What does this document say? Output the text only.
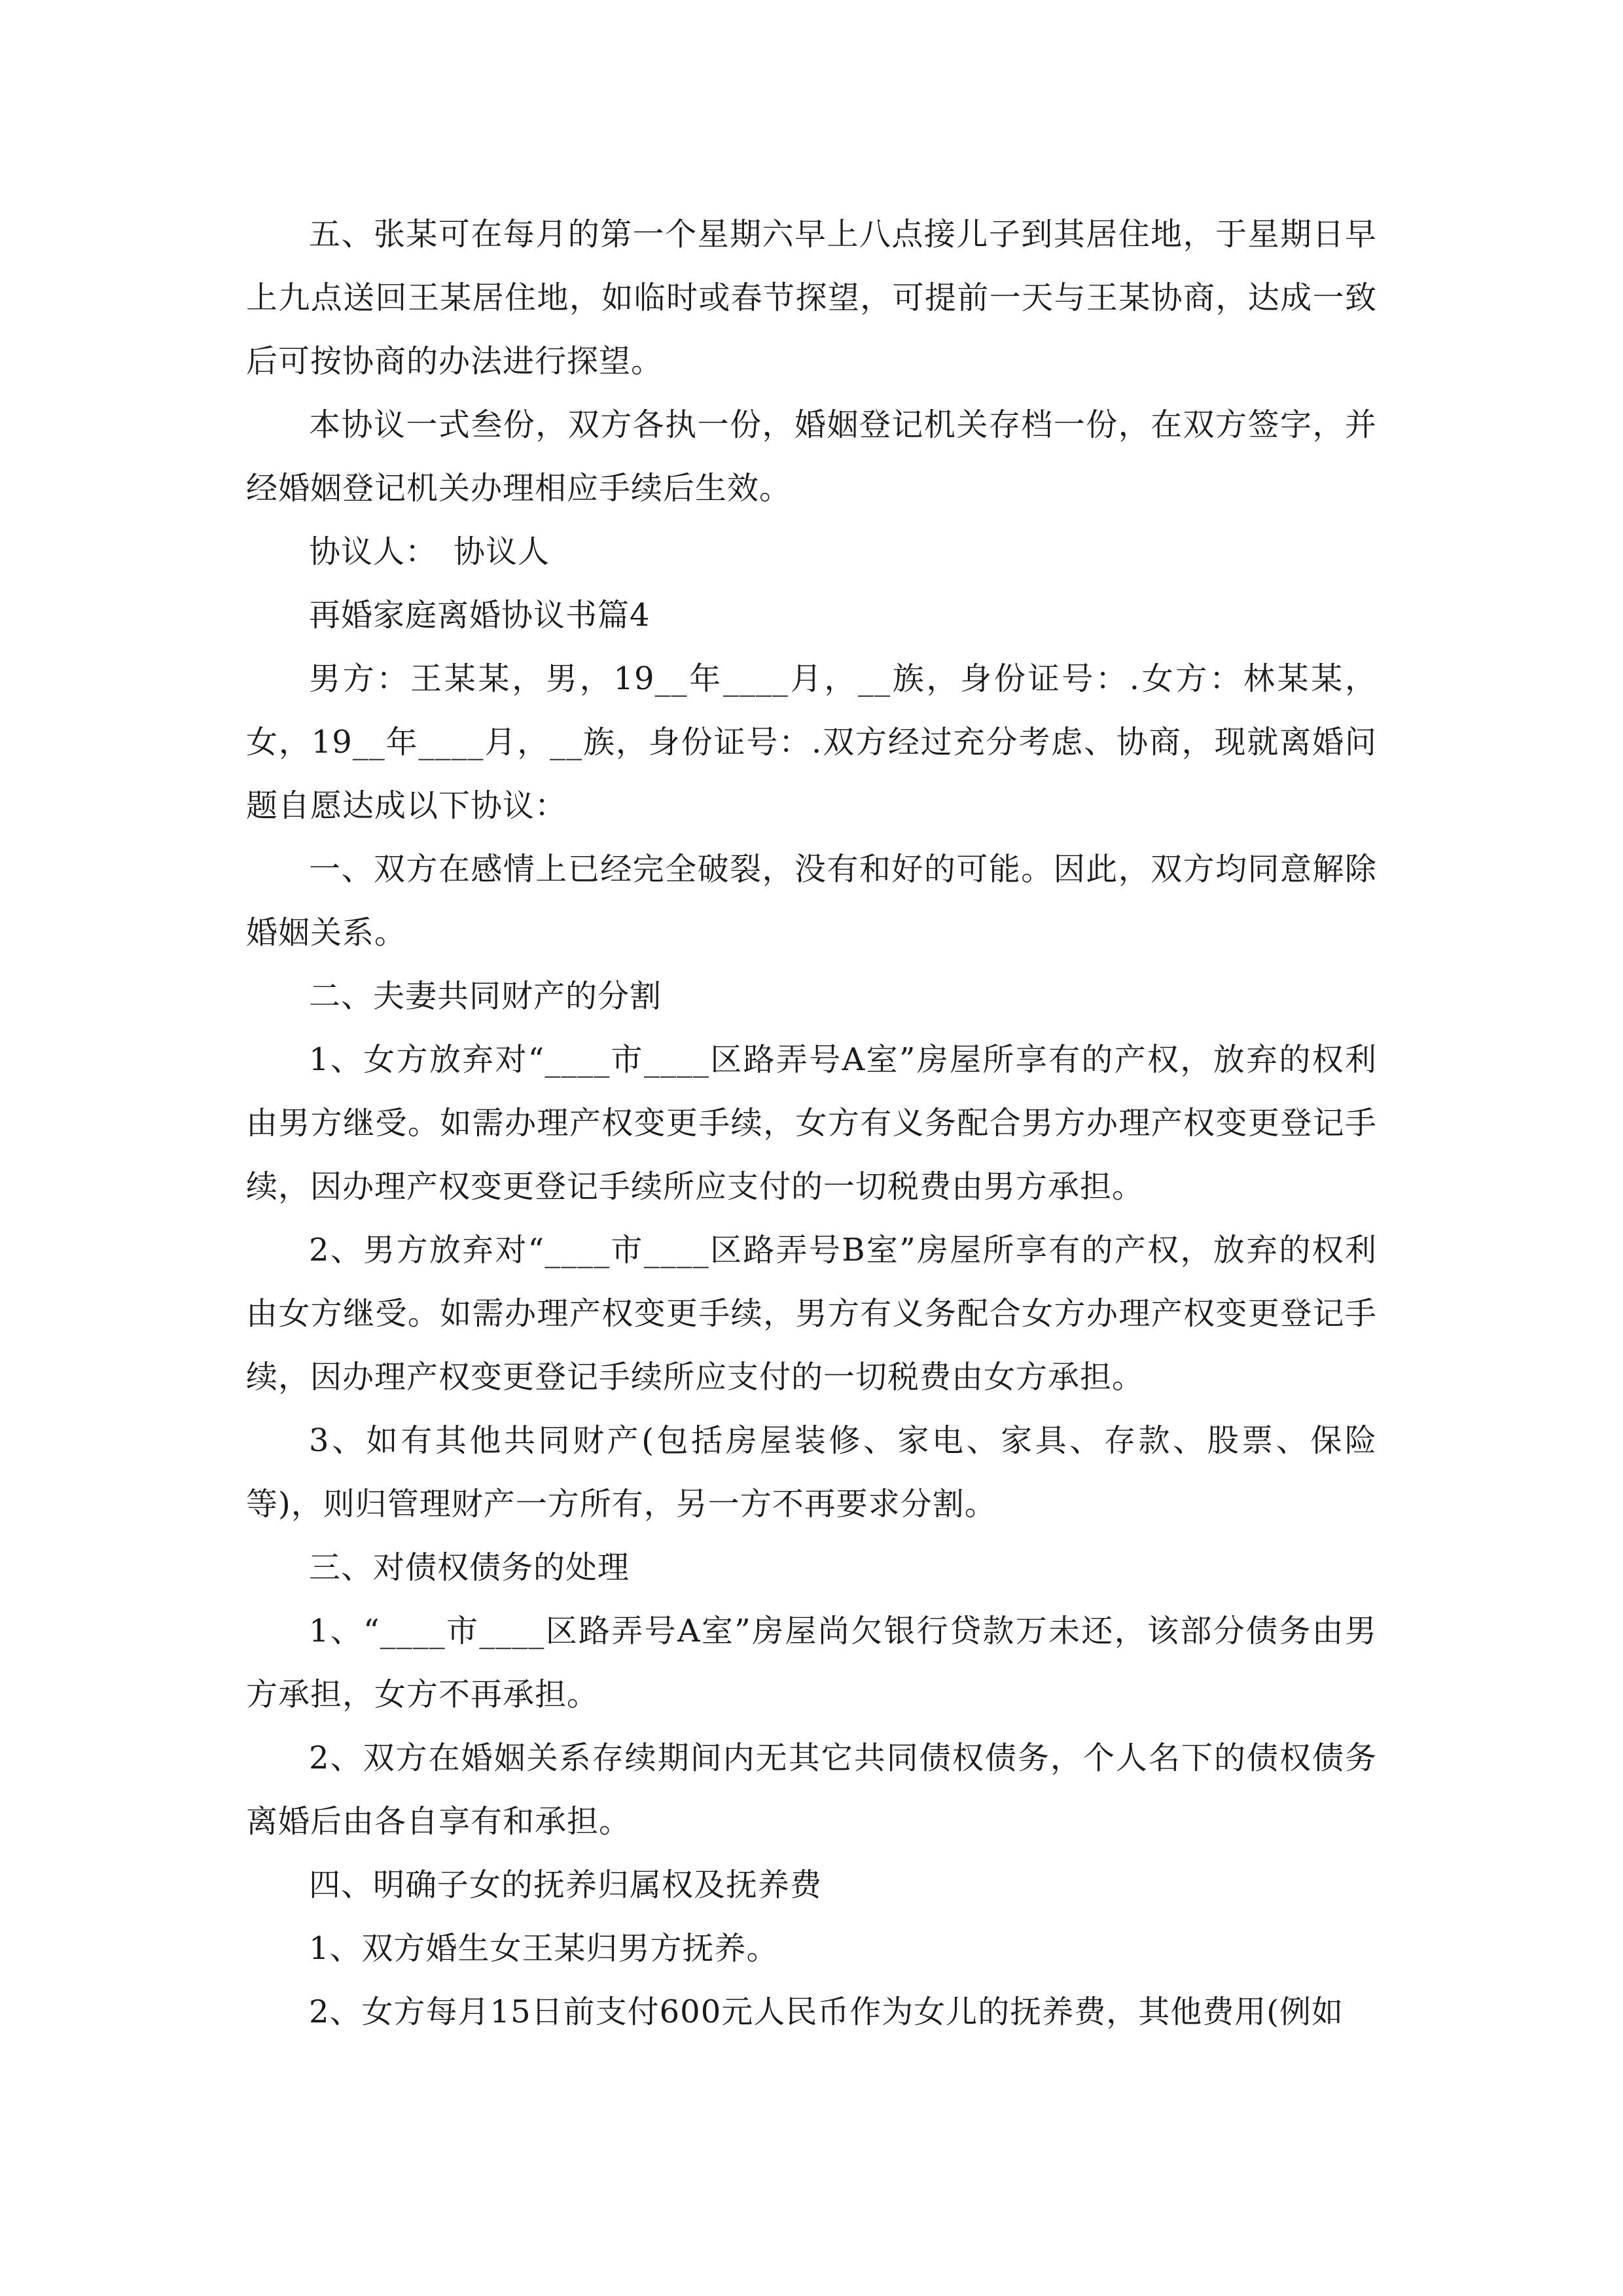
五、张某可在每月的第一个星期六早上八点接儿子到其居住地，于星期日早上九点送回王某居住地，如临时或春节探望，可提前一天与王某协商，达成一致后可按协商的办法进行探望。

本协议一式叁份，双方各执一份，婚姻登记机关存档一份，在双方签字，并经婚姻登记机关办理相应手续后生效。

协议人：　协议人

再婚家庭离婚协议书篇4

男方：王某某，男，19__年____月，__族，身份证号：.女方：林某某，女，19__年____月，__族，身份证号：.双方经过充分考虑、协商，现就离婚问题自愿达成以下协议：

一、双方在感情上已经完全破裂，没有和好的可能。因此，双方均同意解除婚姻关系。

二、夫妻共同财产的分割

1、女方放弃对“____市____区路弄号A室”房屋所享有的产权，放弃的权利由男方继受。如需办理产权变更手续，女方有义务配合男方办理产权变更登记手续，因办理产权变更登记手续所应支付的一切税费由男方承担。

2、男方放弃对“____市____区路弄号B室”房屋所享有的产权，放弃的权利由女方继受。如需办理产权变更手续，男方有义务配合女方办理产权变更登记手续，因办理产权变更登记手续所应支付的一切税费由女方承担。

3、如有其他共同财产(包括房屋装修、家电、家具、存款、股票、保险等)，则归管理财产一方所有，另一方不再要求分割。

三、对债权债务的处理

1、“____市____区路弄号A室”房屋尚欠银行贷款万未还，该部分债务由男方承担，女方不再承担。

2、双方在婚姻关系存续期间内无其它共同债权债务，个人名下的债权债务离婚后由各自享有和承担。

四、明确子女的抚养归属权及抚养费

1、双方婚生女王某归男方抚养。

2、女方每月15日前支付600元人民币作为女儿的抚养费，其他费用(例如
